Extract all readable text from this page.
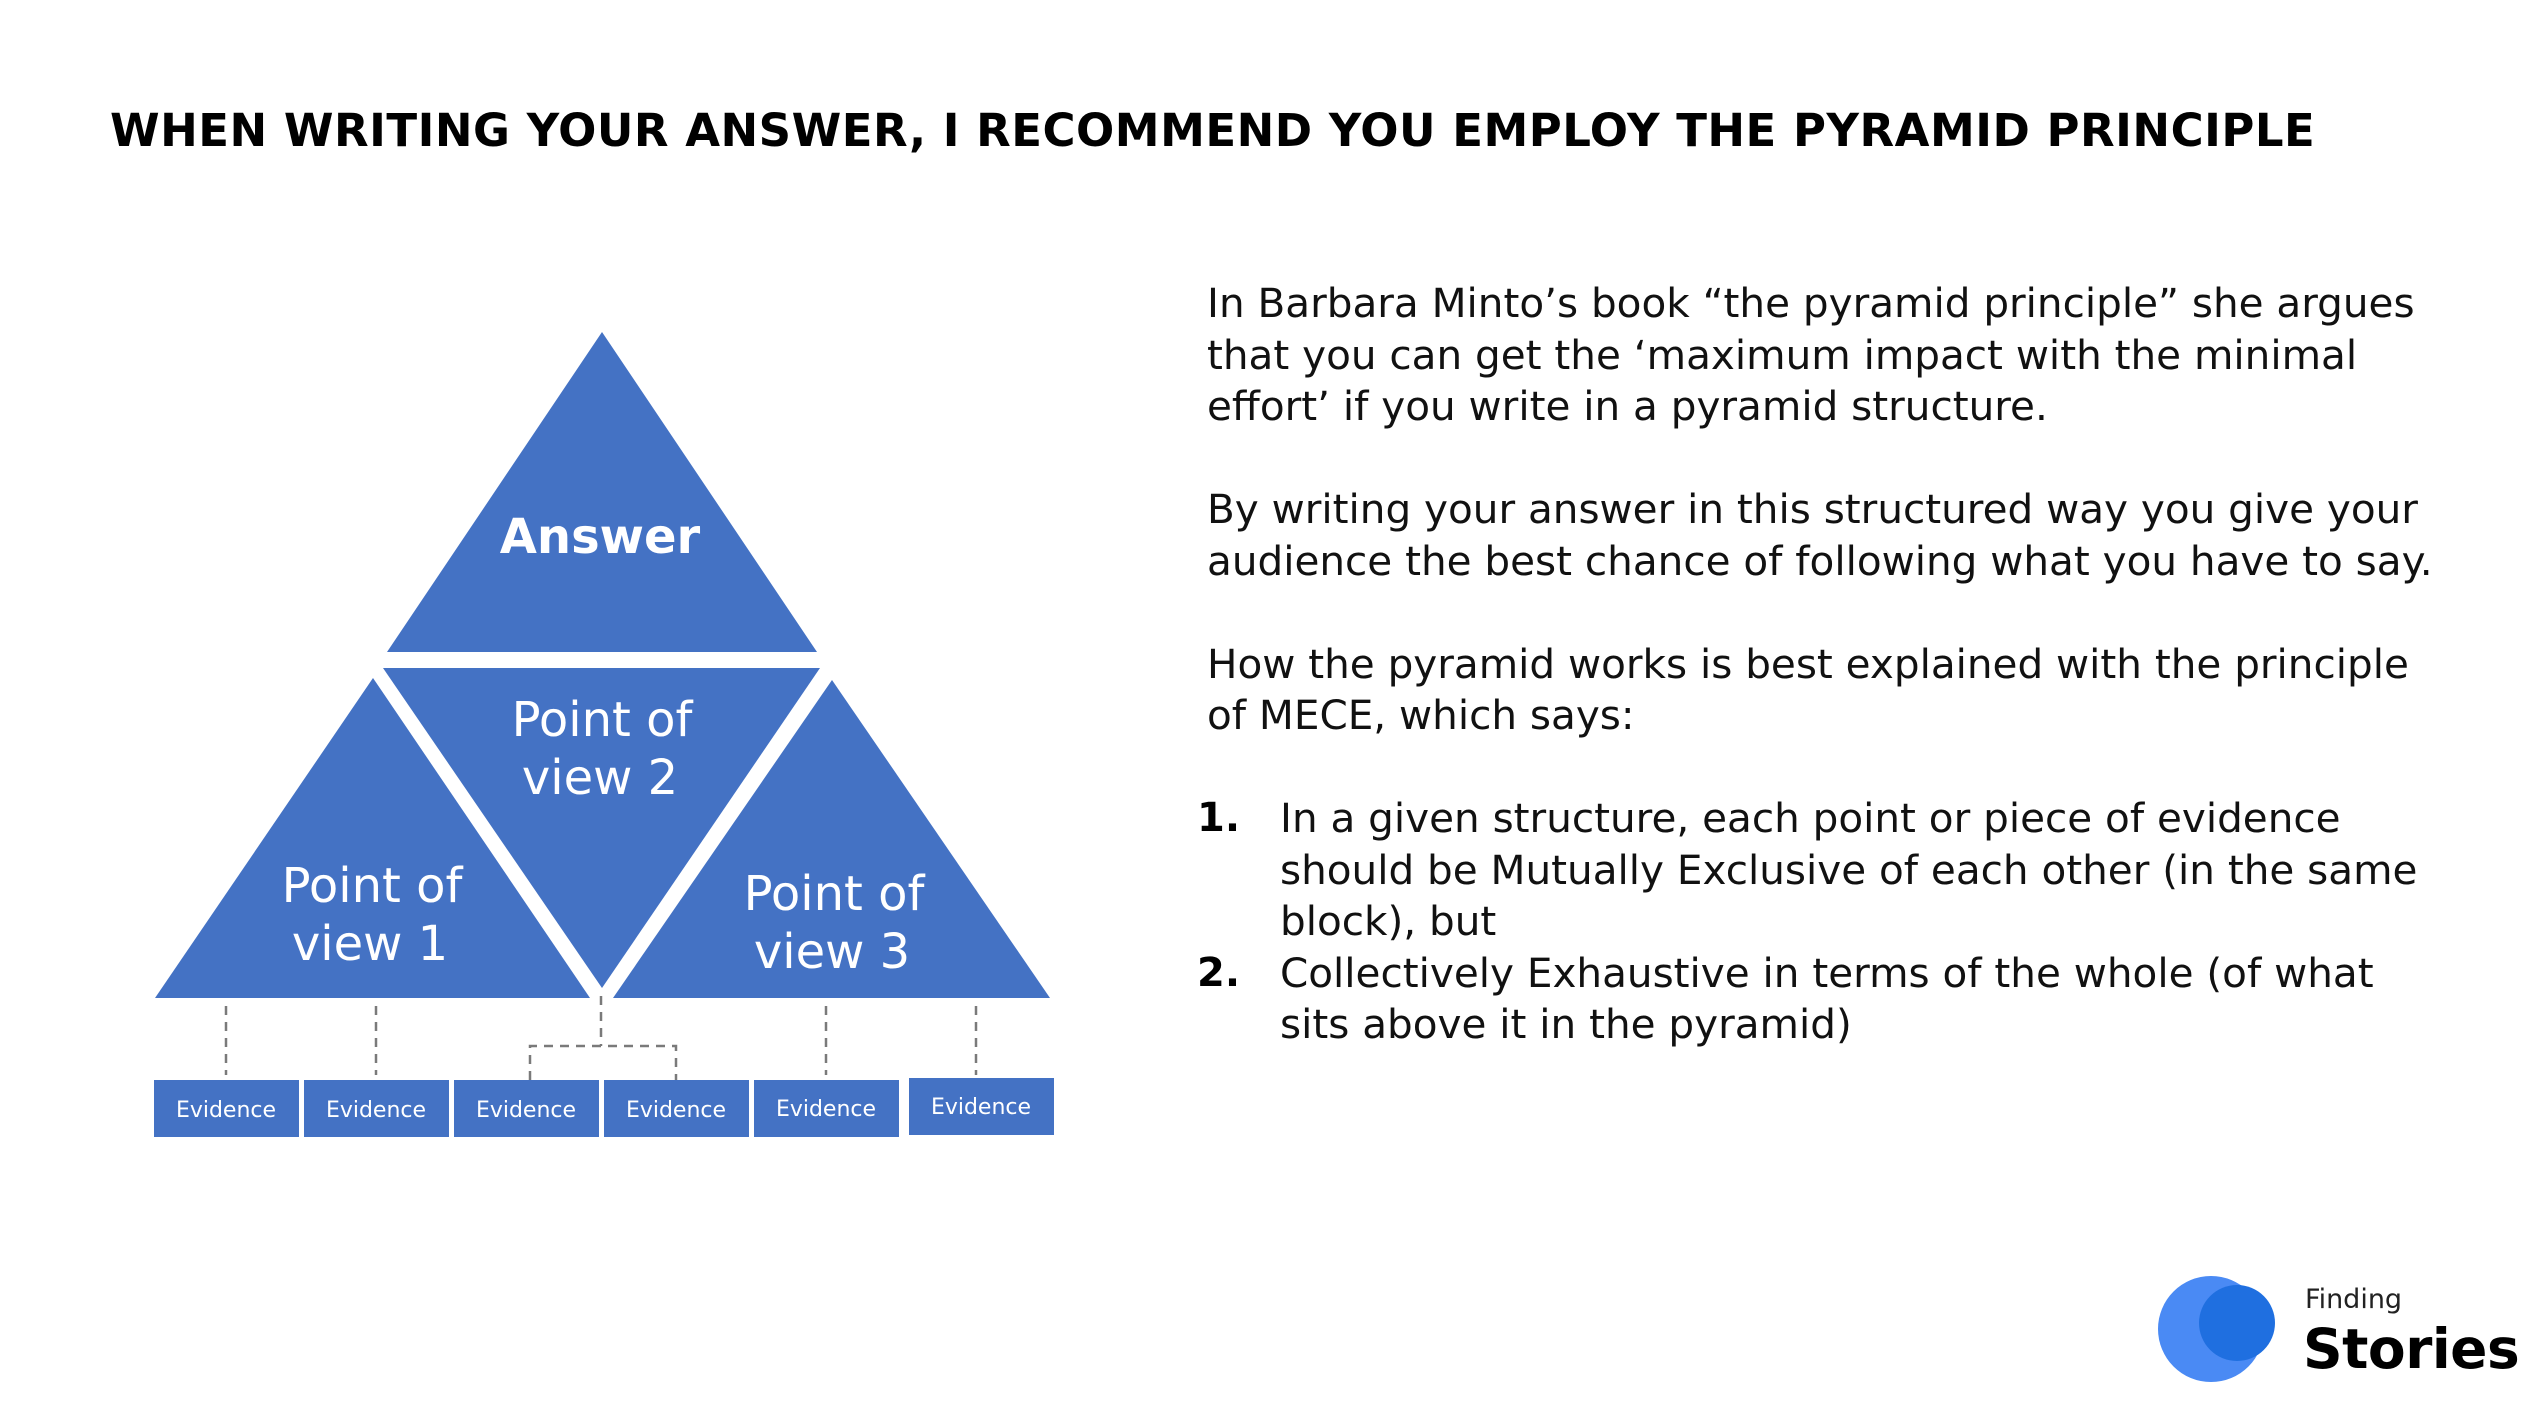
WHEN WRITING YOUR ANSWER, I RECOMMEND YOU EMPLOY THE PYRAMID PRINCIPLE
Answer
Point of
view 2
Point of
view 1
Point of
view 3
Evidence Evidence Evidence Evidence Evidence Evidence

In Barbara Minto’s book “the pyramid principle” she argues that you can get the ‘maximum impact with the minimal effort’ if you write in a pyramid structure.

By writing your answer in this structured way you give your audience the best chance of following what you have to say.

How the pyramid works is best explained with the principle of MECE, which says:

1. In a given structure, each point or piece of evidence should be Mutually Exclusive of each other (in the same block), but
2. Collectively Exhaustive in terms of the whole (of what sits above it in the pyramid)
Finding
Stories
